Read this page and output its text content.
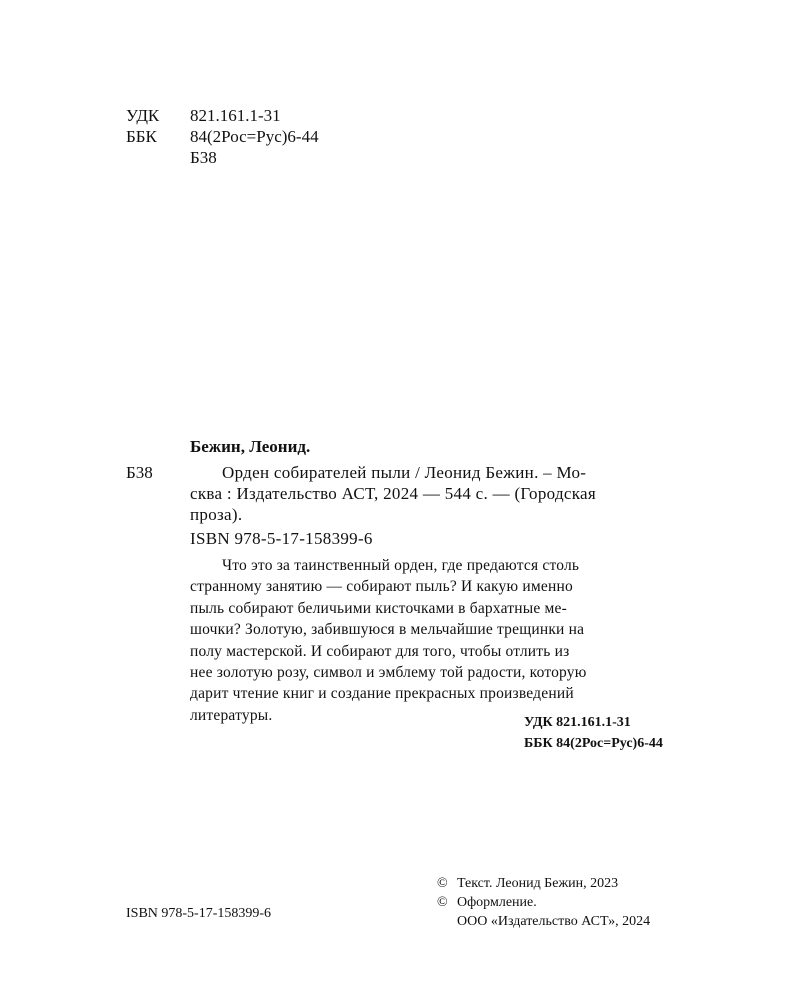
УДК	821.161.1-31
ББК	84(2Рос=Рус)6-44
Б38
Бежин, Леонид.
Б38	Орден собирателей пыли / Леонид Бежин. – Мо-
сква : Издательство АСТ, 2024 — 544 с. — (Городская
проза).
ISBN 978-5-17-158399-6
Что это за таинственный орден, где предаются столь
странному занятию — собирают пыль? И какую именно
пыль собирают беличьими кисточками в бархатные ме-
шочки? Золотую, забившуюся в мельчайшие трещинки на
полу мастерской. И собирают для того, чтобы отлить из
нее золотую розу, символ и эмблему той радости, которую
дарит чтение книг и создание прекрасных произведений
литературы.	УДК 821.161.1-31
ББК 84(2Рос=Рус)6-44
ISBN 978-5-17-158399-6
© Текст. Леонид Бежин, 2023
© Оформление.
ООО «Издательство АСТ», 2024
